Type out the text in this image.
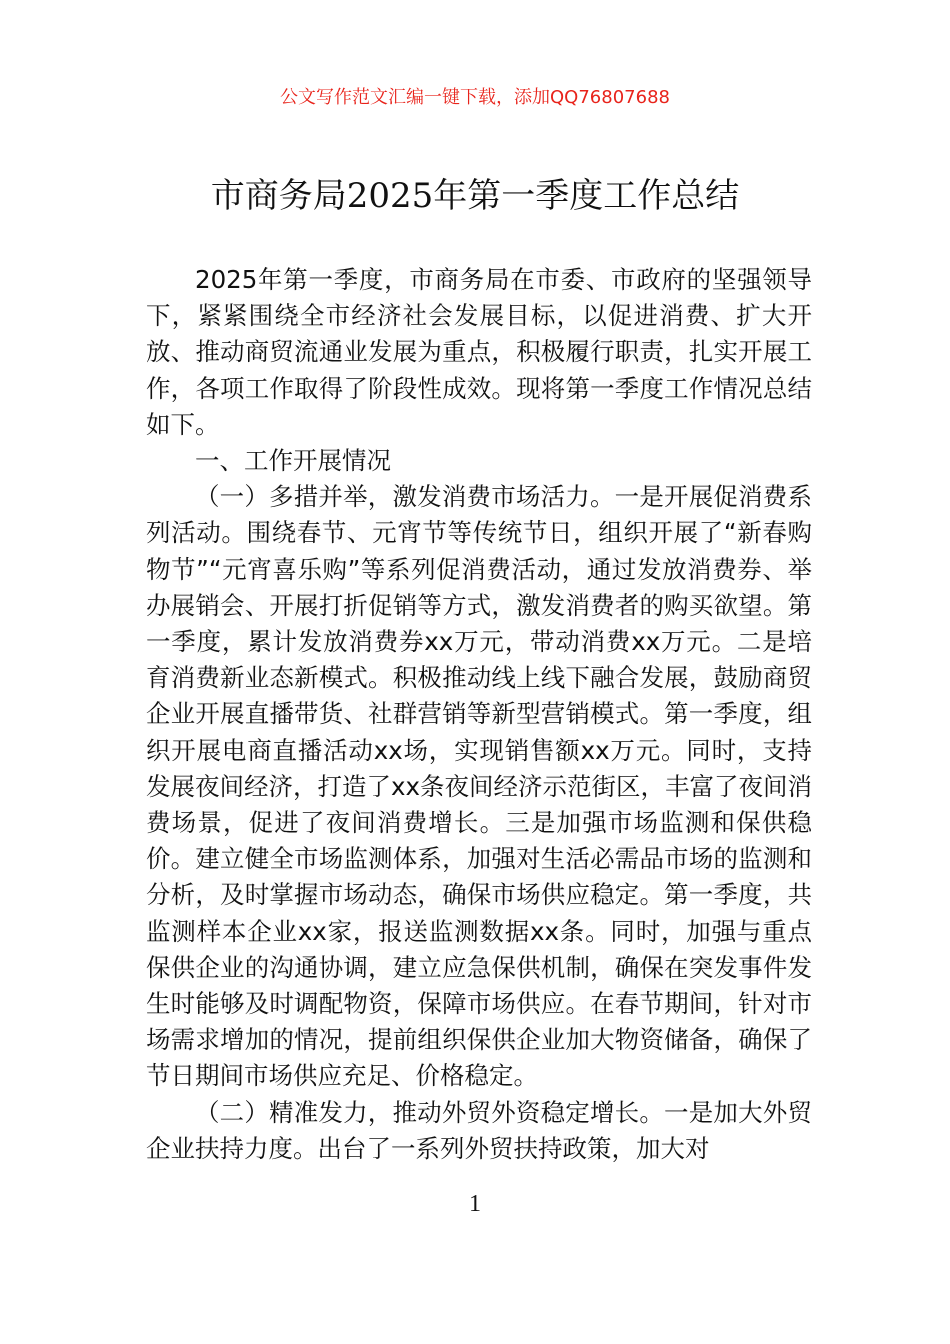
公文写作范文汇编一键下载，添加QQ76807688
市商务局2025年第一季度工作总结

2025年第一季度，市商务局在市委、市政府的坚强领导下，紧紧围绕全市经济社会发展目标，以促进消费、扩大开放、推动商贸流通业发展为重点，积极履行职责，扎实开展工作，各项工作取得了阶段性成效。现将第一季度工作情况总结如下。

一、工作开展情况

（一）多措并举，激发消费市场活力。一是开展促消费系列活动。围绕春节、元宵节等传统节日，组织开展了“新春购物节”“元宵喜乐购”等系列促消费活动，通过发放消费券、举办展销会、开展打折促销等方式，激发消费者的购买欲望。第一季度，累计发放消费券xx万元，带动消费xx万元。二是培育消费新业态新模式。积极推动线上线下融合发展，鼓励商贸企业开展直播带货、社群营销等新型营销模式。第一季度，组织开展电商直播活动xx场，实现销售额xx万元。同时，支持发展夜间经济，打造了xx条夜间经济示范街区，丰富了夜间消费场景，促进了夜间消费增长。三是加强市场监测和保供稳价。建立健全市场监测体系，加强对生活必需品市场的监测和分析，及时掌握市场动态，确保市场供应稳定。第一季度，共监测样本企业xx家，报送监测数据xx条。同时，加强与重点保供企业的沟通协调，建立应急保供机制，确保在突发事件发生时能够及时调配物资，保障市场供应。在春节期间，针对市场需求增加的情况，提前组织保供企业加大物资储备，确保了节日期间市场供应充足、价格稳定。

（二）精准发力，推动外贸外资稳定增长。一是加大外贸企业扶持力度。出台了一系列外贸扶持政策，加大对

1
